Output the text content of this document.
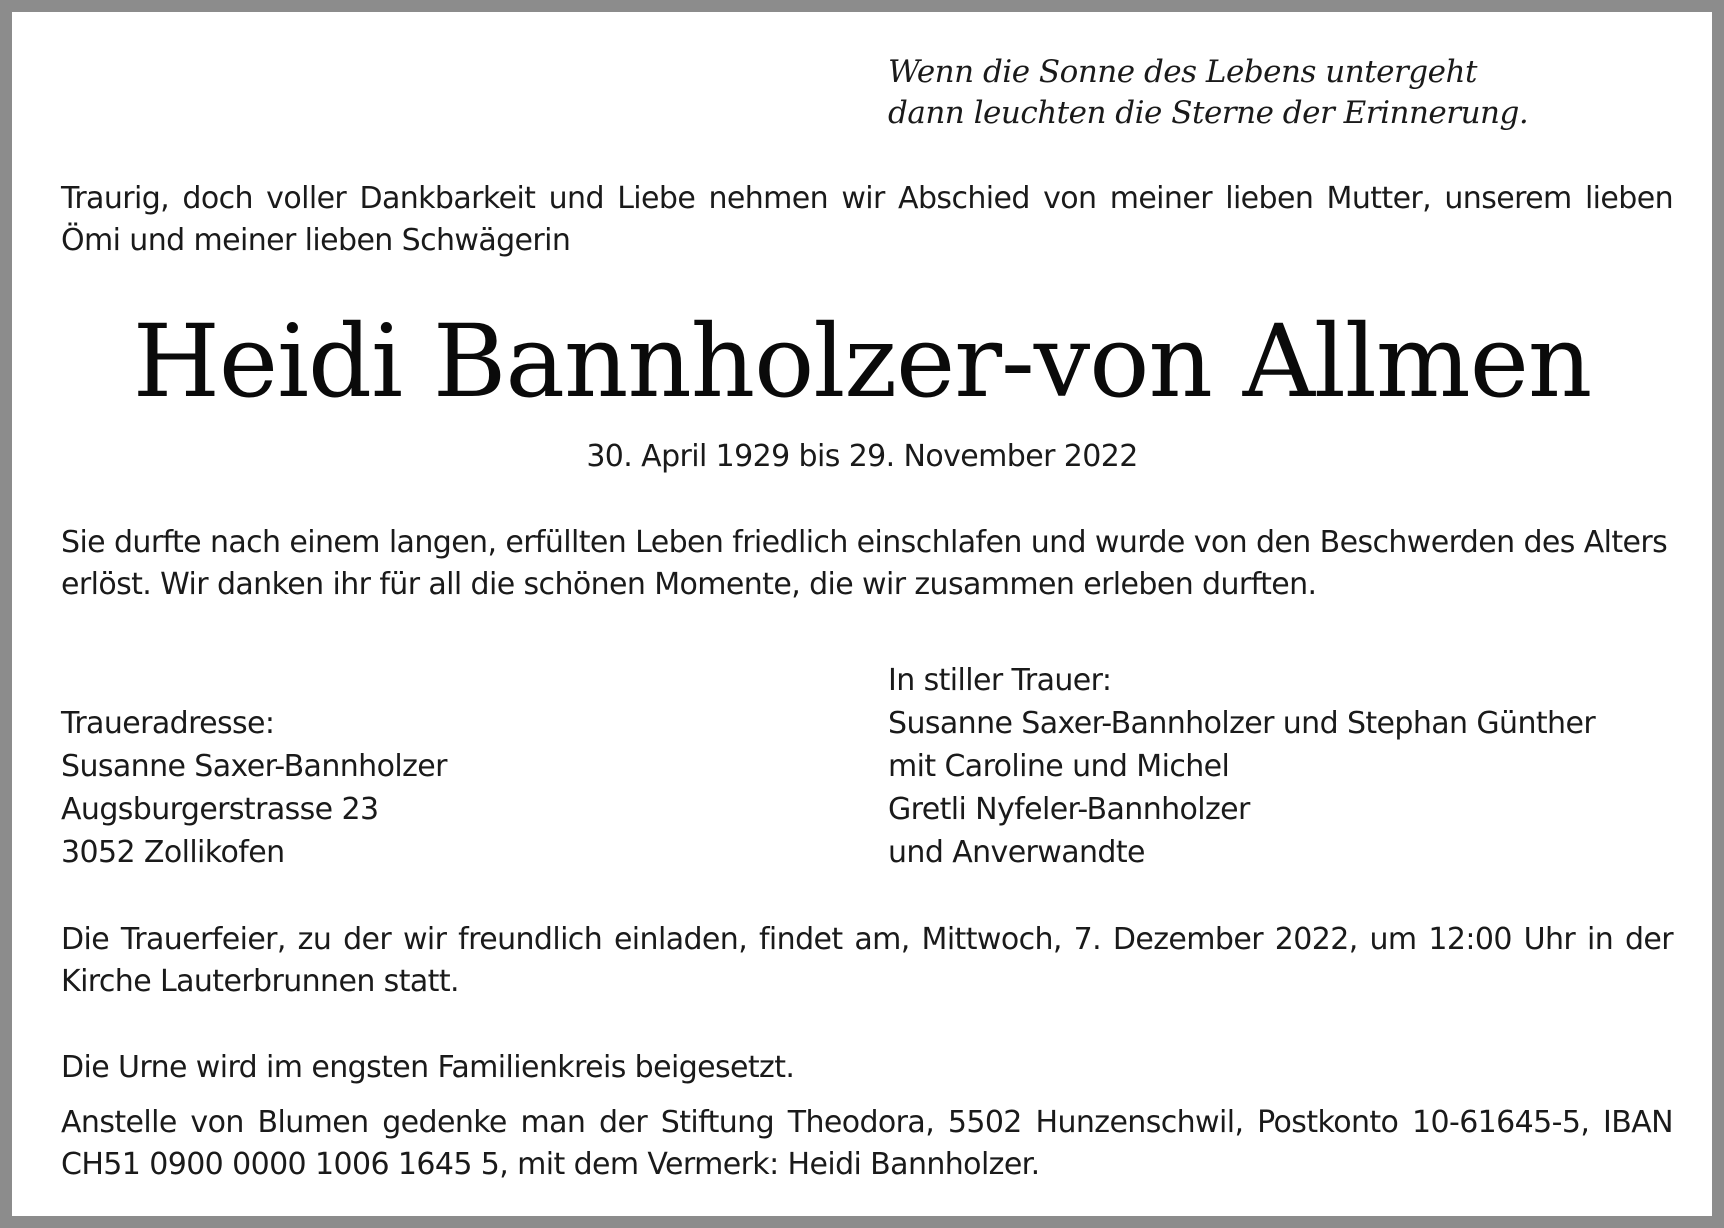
Wenn die Sonne des Lebens untergeht
dann leuchten die Sterne der Erinnerung.
Traurig, doch voller Dankbarkeit und Liebe nehmen wir Abschied von meiner lieben Mutter, unserem lieben Ömi und meiner lieben Schwägerin
Heidi Bannholzer-von Allmen
30. April 1929 bis 29. November 2022
Sie durfte nach einem langen, erfüllten Leben friedlich einschlafen und wurde von den Beschwerden des Alters erlöst. Wir danken ihr für all die schönen Momente, die wir zusammen erleben durften.
Traueradresse:
Susanne Saxer-Bannholzer
Augsburgerstrasse 23
3052 Zollikofen
In stiller Trauer:
Susanne Saxer-Bannholzer und Stephan Günther
mit Caroline und Michel
Gretli Nyfeler-Bannholzer
und Anverwandte
Die Trauerfeier, zu der wir freundlich einladen, findet am, Mittwoch, 7. Dezember 2022, um 12:00 Uhr in der Kirche Lauterbrunnen statt.
Die Urne wird im engsten Familienkreis beigesetzt.
Anstelle von Blumen gedenke man der Stiftung Theodora, 5502 Hunzenschwil, Postkonto 10-61645-5, IBAN CH51 0900 0000 1006 1645 5, mit dem Vermerk: Heidi Bannholzer.
